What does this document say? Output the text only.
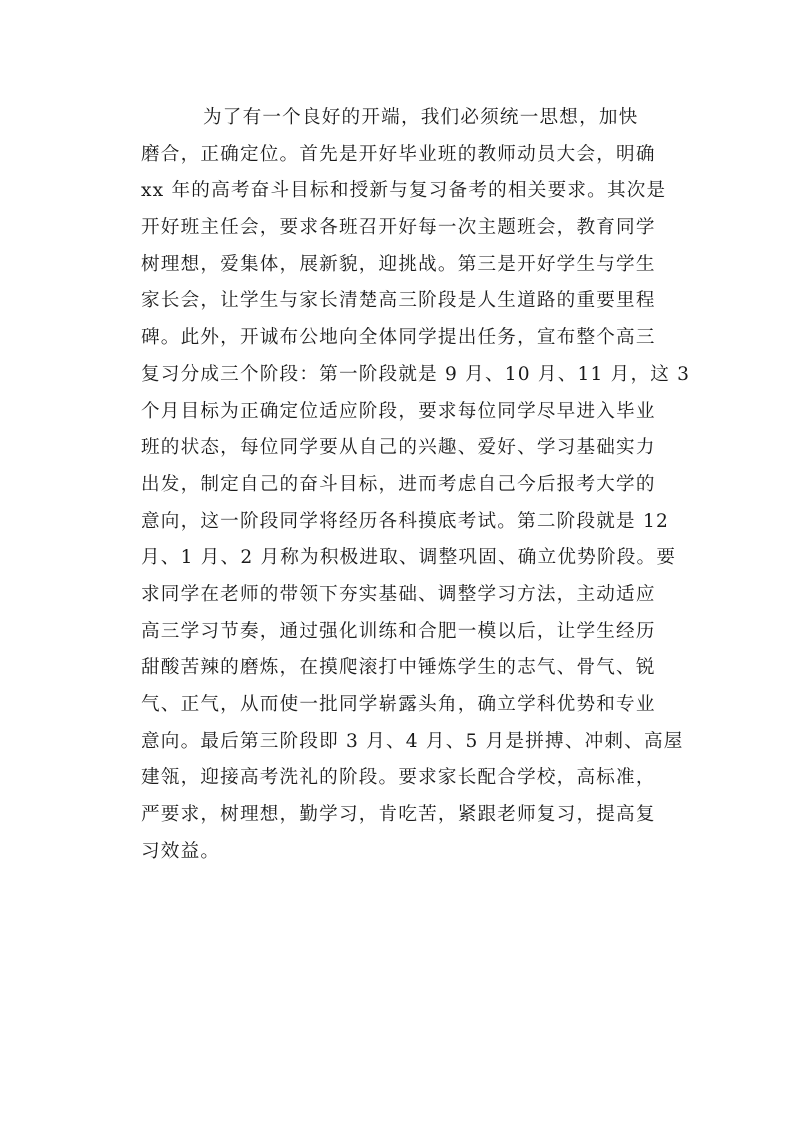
为了有一个良好的开端，我们必须统一思想，加快
磨合，正确定位。首先是开好毕业班的教师动员大会，明确
xx 年的高考奋斗目标和授新与复习备考的相关要求。其次是
开好班主任会，要求各班召开好每一次主题班会，教育同学
树理想，爱集体，展新貌，迎挑战。第三是开好学生与学生
家长会，让学生与家长清楚高三阶段是人生道路的重要里程
碑。此外，开诚布公地向全体同学提出任务，宣布整个高三
复习分成三个阶段：第一阶段就是 9 月、10 月、11 月，这 3
个月目标为正确定位适应阶段，要求每位同学尽早进入毕业
班的状态，每位同学要从自己的兴趣、爱好、学习基础实力
出发，制定自己的奋斗目标，进而考虑自己今后报考大学的
意向，这一阶段同学将经历各科摸底考试。第二阶段就是 12
月、1 月、2 月称为积极进取、调整巩固、确立优势阶段。要
求同学在老师的带领下夯实基础、调整学习方法，主动适应
高三学习节奏，通过强化训练和合肥一模以后，让学生经历
甜酸苦辣的磨炼，在摸爬滚打中锤炼学生的志气、骨气、锐
气、正气，从而使一批同学崭露头角，确立学科优势和专业
意向。最后第三阶段即 3 月、4 月、5 月是拼搏、冲刺、高屋
建瓴，迎接高考洗礼的阶段。要求家长配合学校，高标准，
严要求，树理想，勤学习，肯吃苦，紧跟老师复习，提高复
习效益。
